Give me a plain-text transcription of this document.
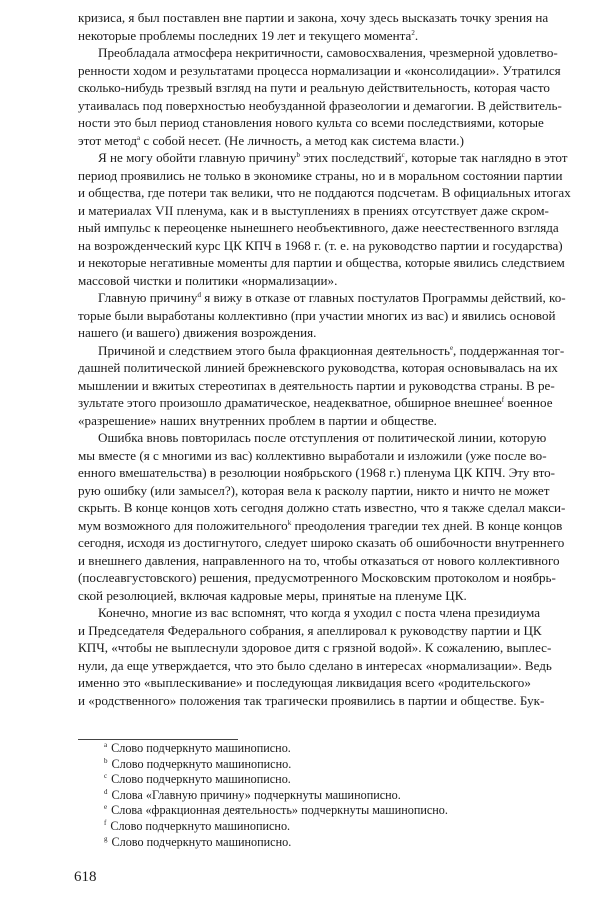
кризиса, я был поставлен вне партии и закона, хочу здесь высказать точку зрения на
некоторые проблемы последних 19 лет и текущего момента$^2$.
Преобладала атмосфера некритичности, самовосхваления, чрезмерной удовлетво-
ренности ходом и результатами процесса нормализации и «консолидации». Утратился
сколько-нибудь трезвый взгляд на пути и реальную действительность, которая часто
утаивалась под поверхностью необузданной фразеологии и демагогии. В действитель-
ности это был период становления нового культа со всеми последствиями, которые
этот метод$^a$ с собой несет. (Не личность, а метод как система власти.)
Я не могу обойти главную причину$^b$ этих последствий$^c$, которые так наглядно в этот
период проявились не только в экономике страны, но и в моральном состоянии партии
и общества, где потери так велики, что не поддаются подсчетам. В официальных итогах
и материалах VII пленума, как и в выступлениях в прениях отсутствует даже скром-
ный импульс к переоценке нынешнего необъективного, даже неестественного взгляда
на возрожденческий курс ЦК КПЧ в 1968 г. (т. е. на руководство партии и государства)
и некоторые негативные моменты для партии и общества, которые явились следствием
массовой чистки и политики «нормализации».
Главную причину$^d$ я вижу в отказе от главных постулатов Программы действий, ко-
торые были выработаны коллективно (при участии многих из вас) и явились основой
нашего (и вашего) движения возрождения.
Причиной и следствием этого была фракционная деятельность$^e$, поддержанная тог-
дашней политической линией брежневского руководства, которая основывалась на их
мышлении и вжитых стереотипах в деятельность партии и руководства страны. В ре-
зультате этого произошло драматическое, неадекватное, обширное внешнее$^f$ военное
«разрешение» наших внутренних проблем в партии и обществе.
Ошибка вновь повторилась после отступления от политической линии, которую
мы вместе (я с многими из вас) коллективно выработали и изложили (уже после во-
енного вмешательства) в резолюции ноябрьского (1968 г.) пленума ЦК КПЧ. Эту вто-
рую ошибку (или замысел?), которая вела к расколу партии, никто и ничто не может
скрыть. В конце концов хоть сегодня должно стать известно, что я также сделал макси-
мум возможного для положительного$^k$ преодоления трагедии тех дней. В конце концов
сегодня, исходя из достигнутого, следует широко сказать об ошибочности внутреннего
и внешнего давления, направленного на то, чтобы отказаться от нового коллективного
(послеавгустовского) решения, предусмотренного Московским протоколом и ноябрь-
ской резолюцией, включая кадровые меры, принятые на пленуме ЦК.
Конечно, многие из вас вспомнят, что когда я уходил с поста члена президиума
и Председателя Федерального собрания, я апеллировал к руководству партии и ЦК
КПЧ, «чтобы не выплеснули здоровое дитя с грязной водой». К сожалению, выплес-
нули, да еще утверждается, что это было сделано в интересах «нормализации». Ведь
именно это «выплескивание» и последующая ликвидация всего «родительского»
и «родственного» положения так трагически проявились в партии и обществе. Бук-
$^a$ Слово подчеркнуто машинописно.
$^b$ Слово подчеркнуто машинописно.
$^c$ Слово подчеркнуто машинописно.
$^d$ Слова «Главную причину» подчеркнуты машинописно.
$^e$ Слова «фракционная деятельность» подчеркнуты машинописно.
$^f$ Слово подчеркнуто машинописно.
$^g$ Слово подчеркнуто машинописно.
618
